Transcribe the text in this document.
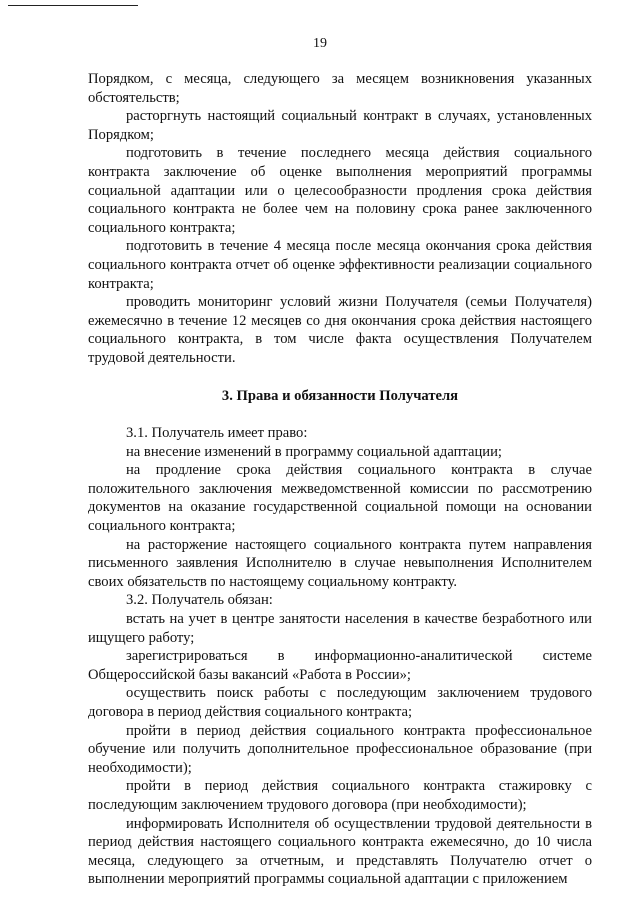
19

Порядком, с месяца, следующего за месяцем возникновения указанных обстоятельств;

расторгнуть настоящий социальный контракт в случаях, установленных Порядком;

подготовить в течение последнего месяца действия социального контракта заключение об оценке выполнения мероприятий программы социальной адаптации или о целесообразности продления срока действия социального контракта не более чем на половину срока ранее заключенного социального контракта;

подготовить в течение 4 месяца после месяца окончания срока действия социального контракта отчет об оценке эффективности реализации социального контракта;

проводить мониторинг условий жизни Получателя (семьи Получателя) ежемесячно в течение 12 месяцев со дня окончания срока действия настоящего социального контракта, в том числе факта осуществления Получателем трудовой деятельности.

3. Права и обязанности Получателя

3.1. Получатель имеет право:

на внесение изменений в программу социальной адаптации;

на продление срока действия социального контракта в случае положительного заключения межведомственной комиссии по рассмотрению документов на оказание государственной социальной помощи на основании социального контракта;

на расторжение настоящего социального контракта путем направления письменного заявления Исполнителю в случае невыполнения Исполнителем своих обязательств по настоящему социальному контракту.

3.2. Получатель обязан:

встать на учет в центре занятости населения в качестве безработного или ищущего работу;

зарегистрироваться в информационно-аналитической системе Общероссийской базы вакансий «Работа в России»;

осуществить поиск работы с последующим заключением трудового договора в период действия социального контракта;

пройти в период действия социального контракта профессиональное обучение или получить дополнительное профессиональное образование (при необходимости);

пройти в период действия социального контракта стажировку с последующим заключением трудового договора (при необходимости);

информировать Исполнителя об осуществлении трудовой деятельности в период действия настоящего социального контракта ежемесячно, до 10 числа месяца, следующего за отчетным, и представлять Получателю отчет о выполнении мероприятий программы социальной адаптации с приложением
